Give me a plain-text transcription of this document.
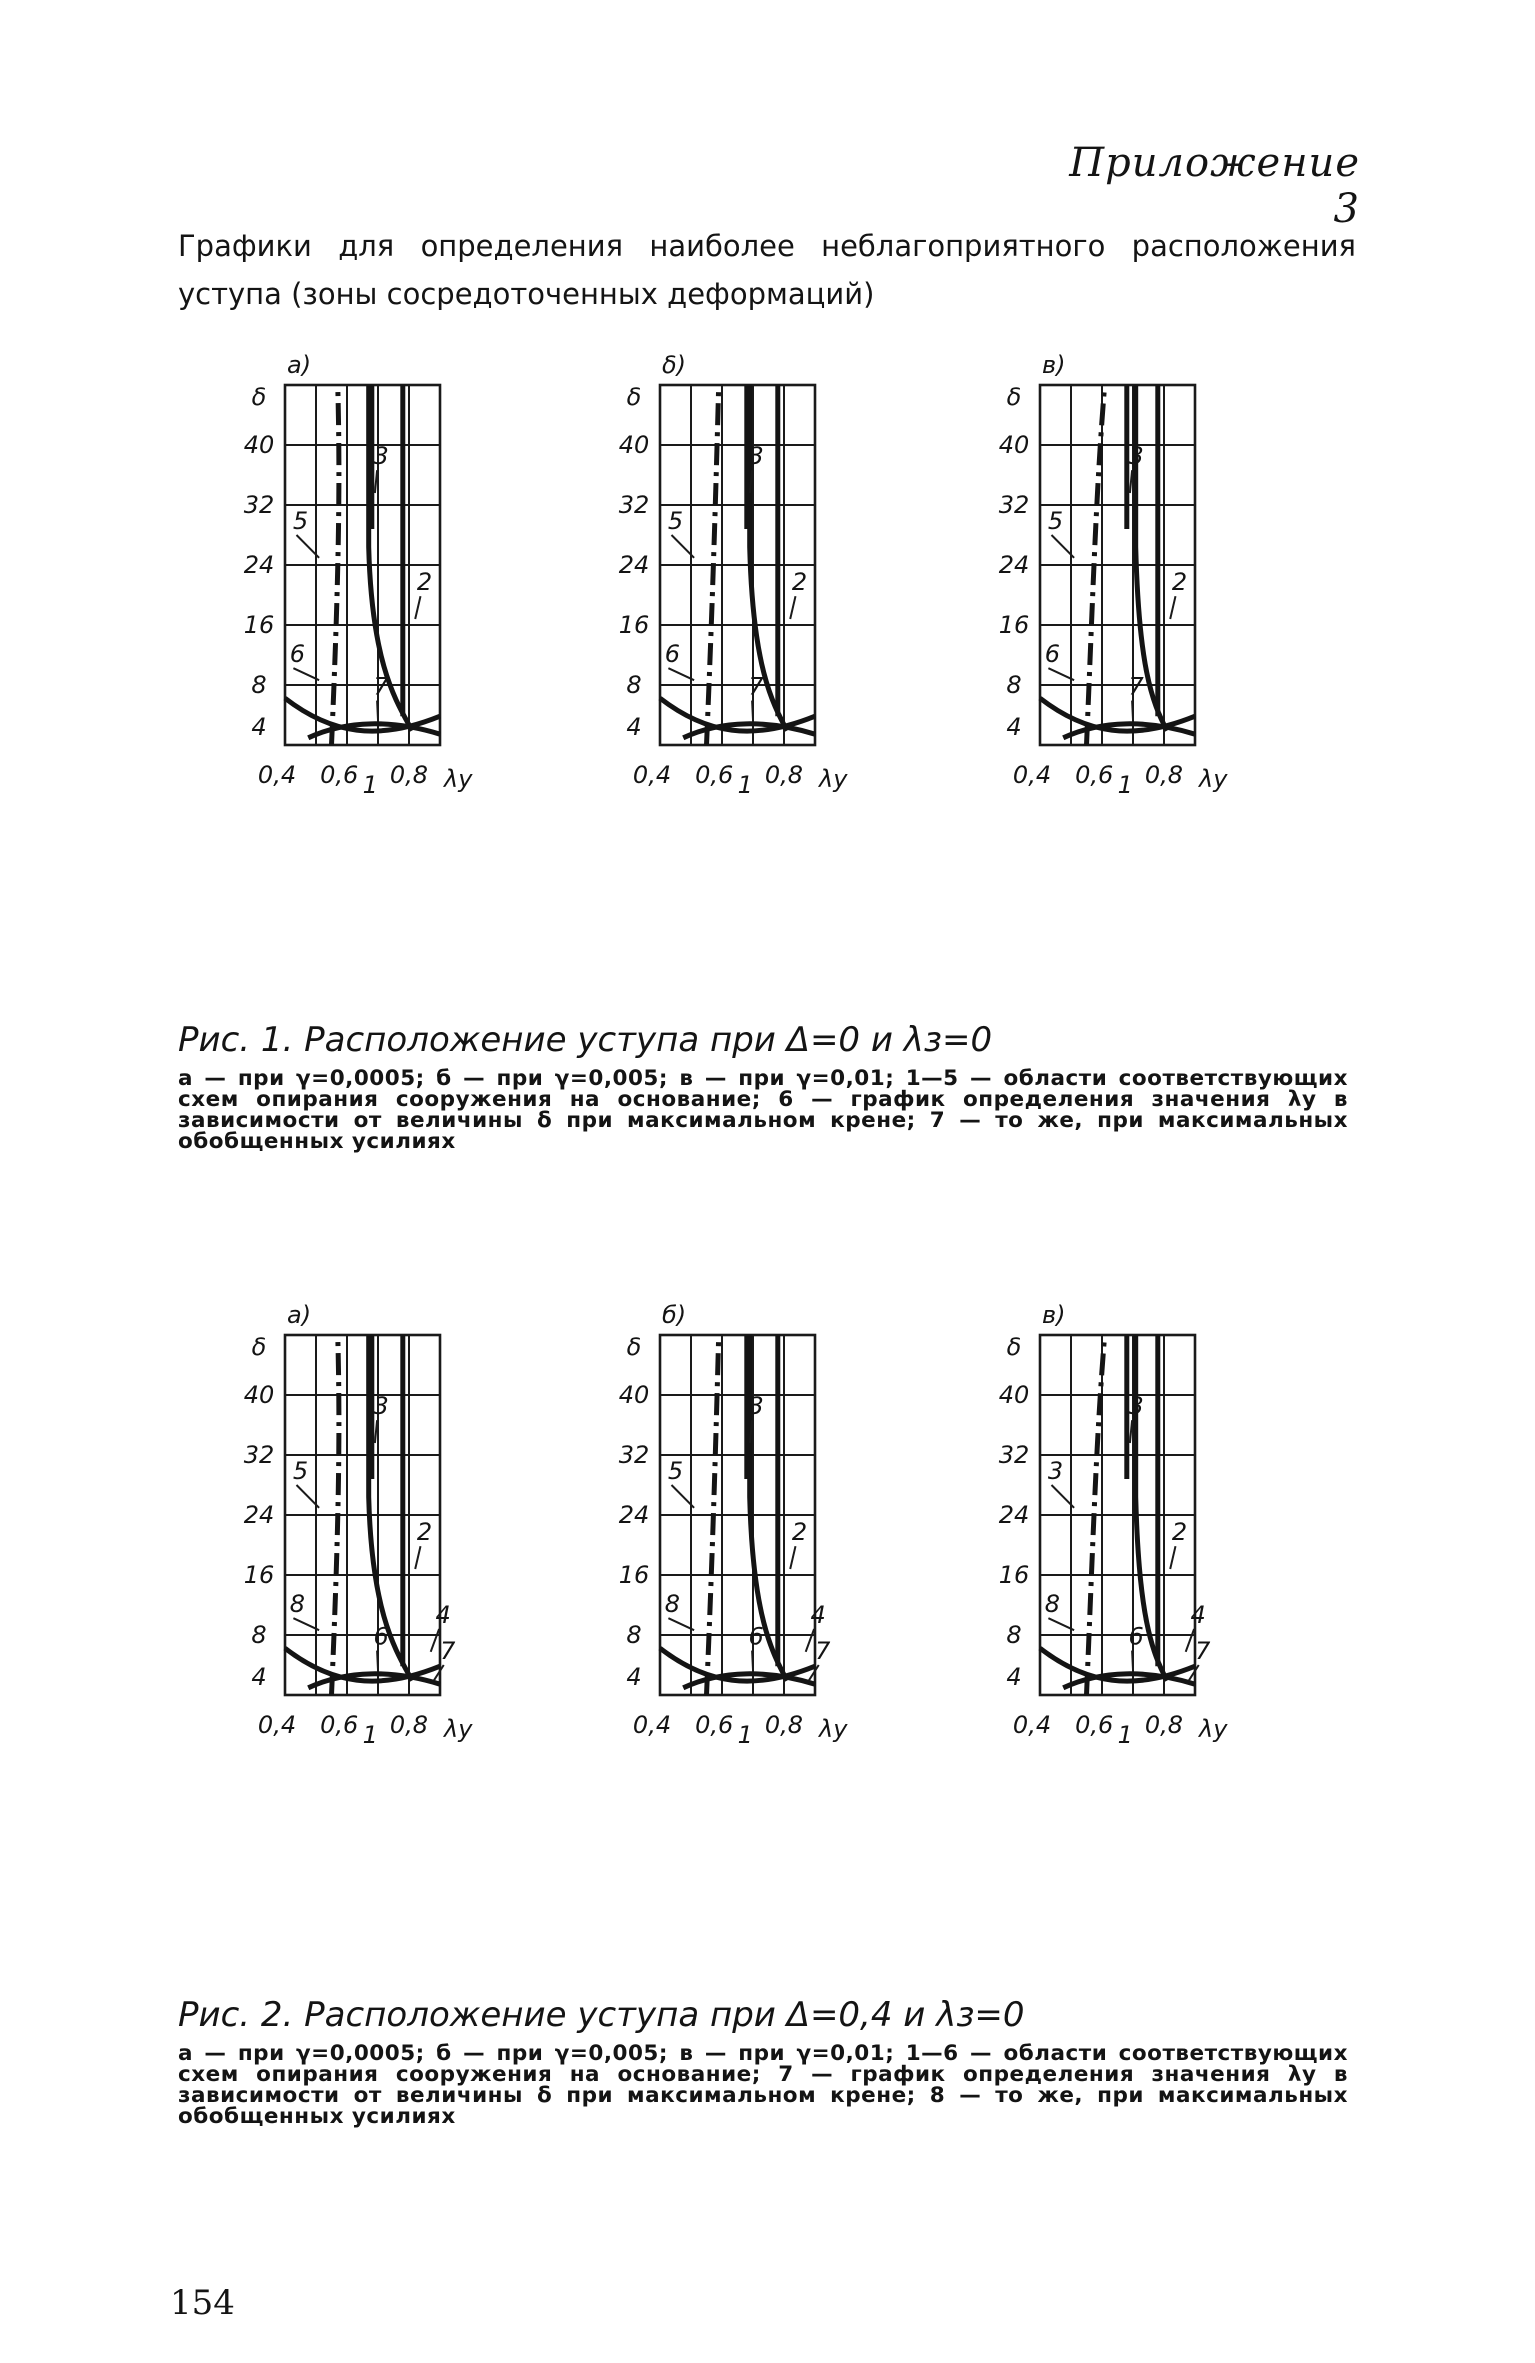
Приложение 3
Графики для определения наиболее неблагоприятного расположения уступа (зоны сосредоточенных деформаций)
δ
40
32
24
16
8
4
а)
0,4 0,6 1 0,8 λу
3
5
2
6
7
δ
40
32
24
16
8
4
δ)
0,4 0,6 1 0,8 λу
3
5
2
6
7
δ
40
32
24
16
8
4
в)
0,4 0,6 1 0,8 λу
3
5
2
6
7
Рис. 1. Расположение уступа при Δ=0 и λз=0
а — при γ=0,0005; б — при γ=0,005; в — при γ=0,01; 1—5 — области соответствующих схем опирания сооружения на основание; 6 — график определения значения λу в зависимости от величины δ при максимальном крене; 7 — то же, при максимальных обобщенных усилиях
δ
40
32
24
16
8
4
а)
0,4 0,6 1 0,8 λу
3
5
2
8
6
4
7
δ
40
32
24
16
8
4
б)
0,4 0,6 1 0,8 λу
3
5
2
8
6
4
7
δ
40
32
24
16
8
4
в)
0,4 0,6 1 0,8 λу
3
3
2
8
6
4
7
Рис. 2. Расположение уступа при Δ=0,4 и λз=0
а — при γ=0,0005; б — при γ=0,005; в — при γ=0,01; 1—6 — области соответствующих схем опирания сооружения на основание; 7 — график определения значения λу в зависимости от величины δ при максимальном крене; 8 — то же, при максимальных обобщенных усилиях
154
